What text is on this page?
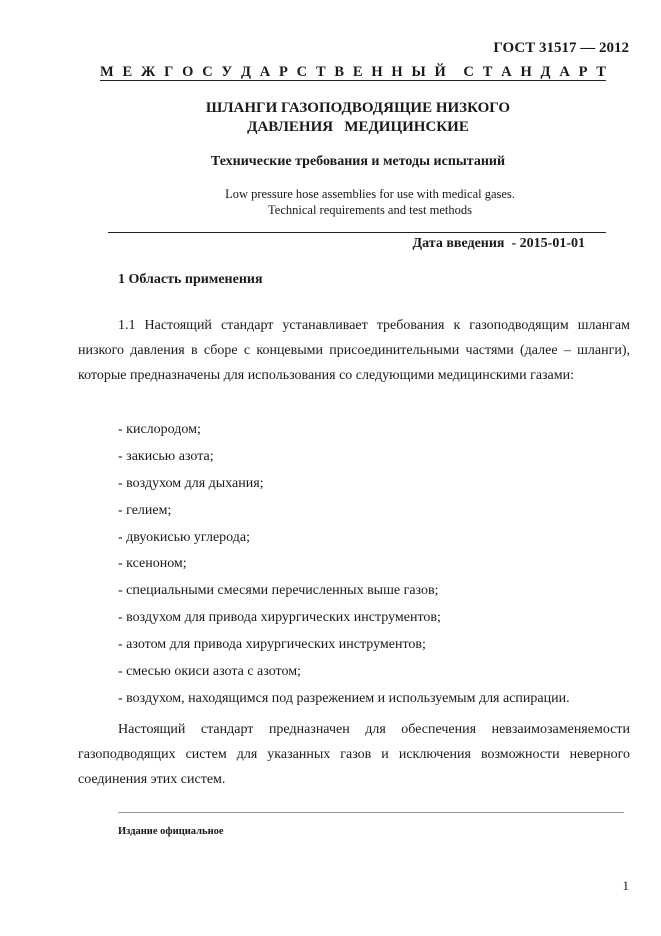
ГОСТ 31517 — 2012
М Е Ж Г О С У Д А Р С Т В Е Н Н Ы Й С Т А Н Д А Р Т
ШЛАНГИ ГАЗОПОДВОДЯЩИЕ НИЗКОГО
ДАВЛЕНИЯ   МЕДИЦИНСКИЕ
Технические требования и методы испытаний
Low pressure hose assemblies for use with medical gases.
Technical requirements and test methods
Дата введения  - 2015-01-01
1 Область применения
1.1 Настоящий стандарт устанавливает требования к газоподводящим шлангам низкого давления в сборе с концевыми присоединительными частями (далее – шланги), которые предназначены для использования со следующими медицинскими газами:
- кислородом;
- закисью азота;
- воздухом для дыхания;
- гелием;
- двуокисью углерода;
- ксеноном;
- специальными смесями перечисленных выше газов;
- воздухом для привода хирургических инструментов;
- азотом для привода хирургических инструментов;
- смесью окиси азота с азотом;
- воздухом, находящимся под разрежением и используемым для аспирации.
Настоящий стандарт предназначен для обеспечения невзаимозаменяемости газоподводящих систем для указанных газов и исключения возможности неверного соединения этих систем.
Издание официальное
1
